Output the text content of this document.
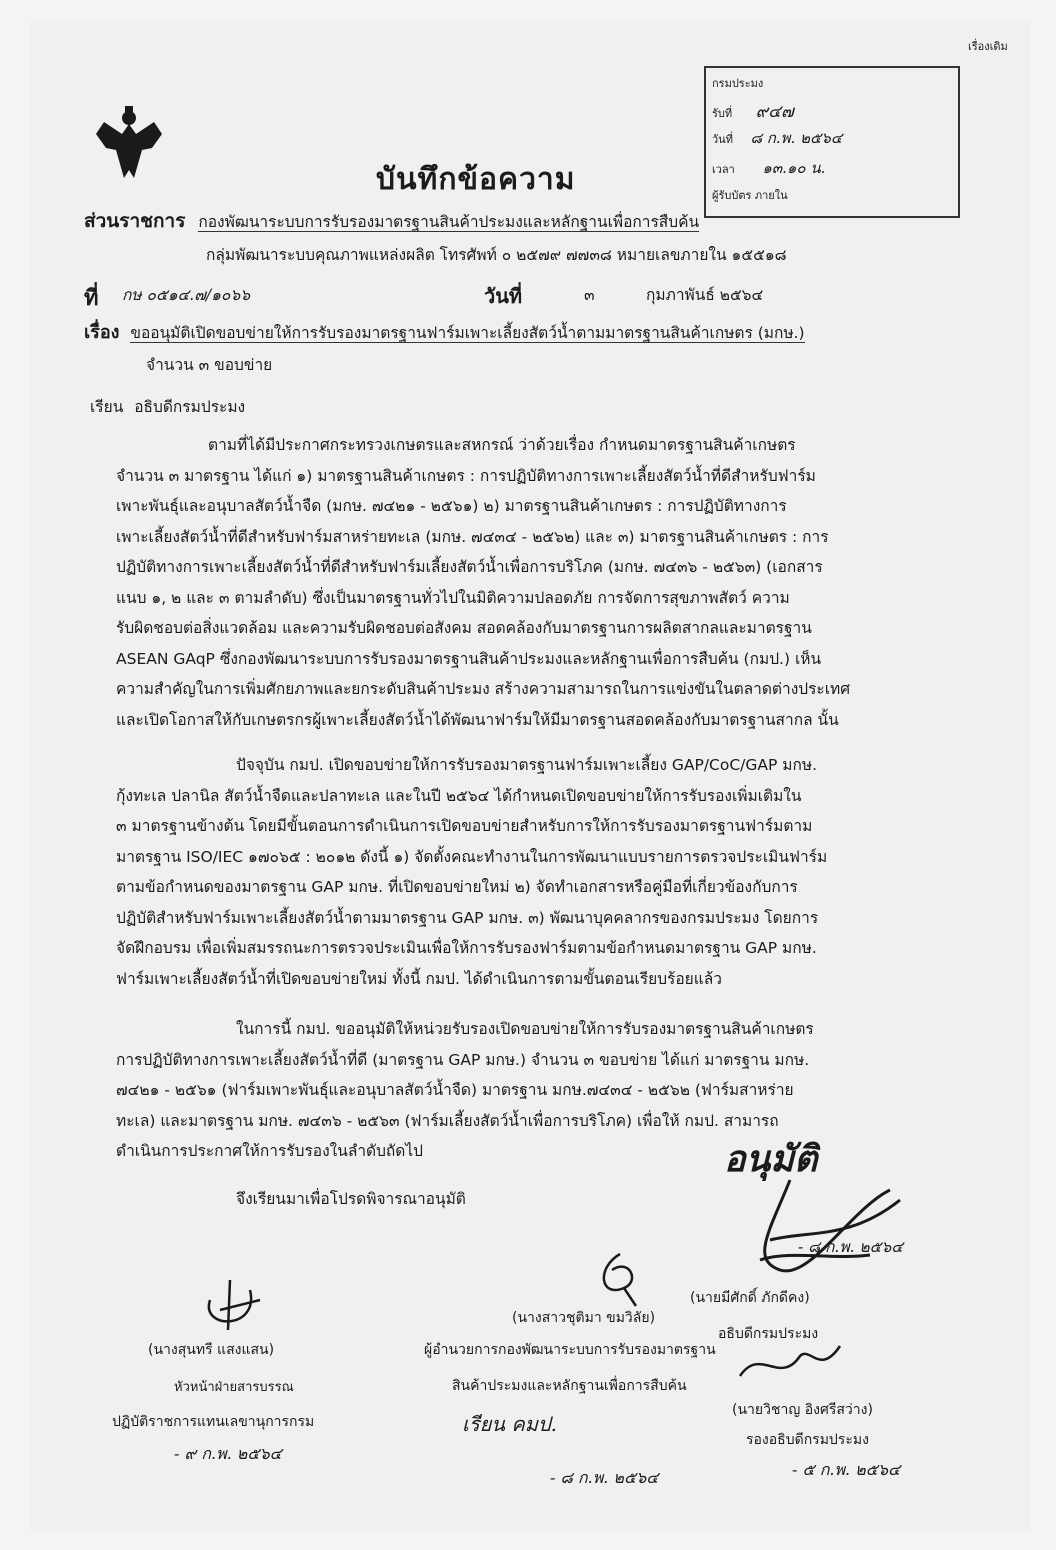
บันทึกข้อความ
เรื่องเดิม
กรมประมง
รับที่ ๙๔๗
วันที่ ๘ ก.พ. ๒๕๖๔
เวลา ๑๓.๑๐ น.
ผู้รับบัตร ภายใน
ส่วนราชการ กองพัฒนาระบบการรับรองมาตรฐานสินค้าประมงและหลักฐานเพื่อการสืบค้น
กลุ่มพัฒนาระบบคุณภาพแหล่งผลิต โทรศัพท์ ๐ ๒๕๗๙ ๗๗๓๘ หมายเลขภายใน ๑๕๕๑๘
ที่ กษ ๐๕๑๔.๗/๑๐๖๖	วันที่	๓	กุมภาพันธ์ ๒๕๖๔
เรื่อง ขออนุมัติเปิดขอบข่ายให้การรับรองมาตรฐานฟาร์มเพาะเลี้ยงสัตว์น้ำตามมาตรฐานสินค้าเกษตร (มกษ.)
จำนวน ๓ ขอบข่าย
เรียน อธิบดีกรมประมง
ตามที่ได้มีประกาศกระทรวงเกษตรและสหกรณ์ ว่าด้วยเรื่อง กำหนดมาตรฐานสินค้าเกษตร
จำนวน ๓ มาตรฐาน ได้แก่ ๑) มาตรฐานสินค้าเกษตร : การปฏิบัติทางการเพาะเลี้ยงสัตว์น้ำที่ดีสำหรับฟาร์ม
เพาะพันธุ์และอนุบาลสัตว์น้ำจืด (มกษ. ๗๔๒๑ - ๒๕๖๑) ๒) มาตรฐานสินค้าเกษตร : การปฏิบัติทางการ
เพาะเลี้ยงสัตว์น้ำที่ดีสำหรับฟาร์มสาหร่ายทะเล (มกษ. ๗๔๓๔ - ๒๕๖๒) และ ๓) มาตรฐานสินค้าเกษตร : การ
ปฏิบัติทางการเพาะเลี้ยงสัตว์น้ำที่ดีสำหรับฟาร์มเลี้ยงสัตว์น้ำเพื่อการบริโภค (มกษ. ๗๔๓๖ - ๒๕๖๓) (เอกสาร
แนบ ๑, ๒ และ ๓ ตามลำดับ) ซึ่งเป็นมาตรฐานทั่วไปในมิติความปลอดภัย การจัดการสุขภาพสัตว์ ความ
รับผิดชอบต่อสิ่งแวดล้อม และความรับผิดชอบต่อสังคม สอดคล้องกับมาตรฐานการผลิตสากลและมาตรฐาน
ASEAN GAqP ซึ่งกองพัฒนาระบบการรับรองมาตรฐานสินค้าประมงและหลักฐานเพื่อการสืบค้น (กมป.) เห็น
ความสำคัญในการเพิ่มศักยภาพและยกระดับสินค้าประมง สร้างความสามารถในการแข่งขันในตลาดต่างประเทศ
และเปิดโอกาสให้กับเกษตรกรผู้เพาะเลี้ยงสัตว์น้ำได้พัฒนาฟาร์มให้มีมาตรฐานสอดคล้องกับมาตรฐานสากล นั้น
ปัจจุบัน กมป. เปิดขอบข่ายให้การรับรองมาตรฐานฟาร์มเพาะเลี้ยง GAP/CoC/GAP มกษ.
กุ้งทะเล ปลานิล สัตว์น้ำจืดและปลาทะเล และในปี ๒๕๖๔ ได้กำหนดเปิดขอบข่ายให้การรับรองเพิ่มเติมใน
๓ มาตรฐานข้างต้น โดยมีขั้นตอนการดำเนินการเปิดขอบข่ายสำหรับการให้การรับรองมาตรฐานฟาร์มตาม
มาตรฐาน ISO/IEC ๑๗๐๖๕ : ๒๐๑๒ ดังนี้ ๑) จัดตั้งคณะทำงานในการพัฒนาแบบรายการตรวจประเมินฟาร์ม
ตามข้อกำหนดของมาตรฐาน GAP มกษ. ที่เปิดขอบข่ายใหม่ ๒) จัดทำเอกสารหรือคู่มือที่เกี่ยวข้องกับการ
ปฏิบัติสำหรับฟาร์มเพาะเลี้ยงสัตว์น้ำตามมาตรฐาน GAP มกษ. ๓) พัฒนาบุคคลากรของกรมประมง โดยการ
จัดฝึกอบรม เพื่อเพิ่มสมรรถนะการตรวจประเมินเพื่อให้การรับรองฟาร์มตามข้อกำหนดมาตรฐาน GAP มกษ.
ฟาร์มเพาะเลี้ยงสัตว์น้ำที่เปิดขอบข่ายใหม่ ทั้งนี้ กมป. ได้ดำเนินการตามขั้นตอนเรียบร้อยแล้ว
ในการนี้ กมป. ขออนุมัติให้หน่วยรับรองเปิดขอบข่ายให้การรับรองมาตรฐานสินค้าเกษตร
การปฏิบัติทางการเพาะเลี้ยงสัตว์น้ำที่ดี (มาตรฐาน GAP มกษ.) จำนวน ๓ ขอบข่าย ได้แก่ มาตรฐาน มกษ.
๗๔๒๑ - ๒๕๖๑ (ฟาร์มเพาะพันธุ์และอนุบาลสัตว์น้ำจืด) มาตรฐาน มกษ.๗๔๓๔ - ๒๕๖๒ (ฟาร์มสาหร่าย
ทะเล) และมาตรฐาน มกษ. ๗๔๓๖ - ๒๕๖๓ (ฟาร์มเลี้ยงสัตว์น้ำเพื่อการบริโภค) เพื่อให้ กมป. สามารถ
ดำเนินการประกาศให้การรับรองในลำดับถัดไป
จึงเรียนมาเพื่อโปรดพิจารณาอนุมัติ
อนุมัติ
- ๘ ก.พ. ๒๕๖๔
(นางสุนทรี แสงแสน)
หัวหน้าฝ่ายสารบรรณ
ปฏิบัติราชการแทนเลขานุการกรม
- ๙ ก.พ. ๒๕๖๔
(นางสาวชุติมา ขมวิลัย)
ผู้อำนวยการกองพัฒนาระบบการรับรองมาตรฐาน
สินค้าประมงและหลักฐานเพื่อการสืบค้น
เรียน คมป.
- ๘ ก.พ. ๒๕๖๔
(นายมีศักดิ์ ภักดีคง)
อธิบดีกรมประมง
(นายวิชาญ อิงศรีสว่าง)
รองอธิบดีกรมประมง
- ๕ ก.พ. ๒๕๖๔
